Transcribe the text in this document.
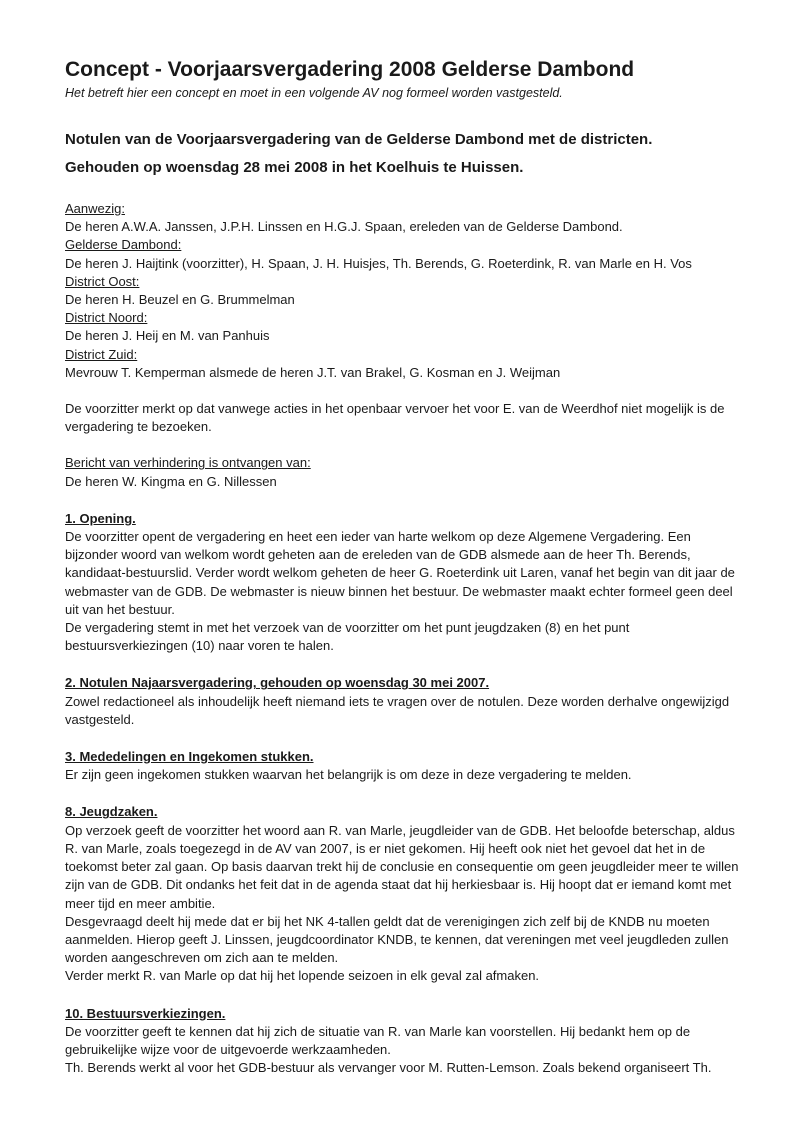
Concept - Voorjaarsvergadering 2008 Gelderse Dambond

Het betreft hier een concept en moet in een volgende AV nog formeel worden vastgesteld.

Notulen van de Voorjaarsvergadering van de Gelderse Dambond met de districten.
Gehouden op woensdag 28 mei 2008 in het Koelhuis te Huissen.

Aanwezig:
De heren A.W.A. Janssen, J.P.H. Linssen en H.G.J. Spaan, ereleden van de Gelderse Dambond.
Gelderse Dambond:
De heren J. Haijtink (voorzitter), H. Spaan, J. H. Huisjes, Th. Berends, G. Roeterdink, R. van Marle en H. Vos
District Oost:
De heren H. Beuzel en G. Brummelman
District Noord:
De heren J. Heij en M. van Panhuis
District Zuid:
Mevrouw T. Kemperman alsmede de heren J.T. van Brakel, G. Kosman en J. Weijman

De voorzitter merkt op dat vanwege acties in het openbaar vervoer het voor E. van de Weerdhof niet mogelijk is de vergadering te bezoeken.

Bericht van verhindering is ontvangen van:
De heren W. Kingma en G. Nillessen
1. Opening.

De voorzitter opent de vergadering en heet een ieder van harte welkom op deze Algemene Vergadering. Een bijzonder woord van welkom wordt geheten aan de ereleden van de GDB alsmede aan de heer Th. Berends, kandidaat-bestuurslid. Verder wordt welkom geheten de heer G. Roeterdink uit Laren, vanaf het begin van dit jaar de webmaster van de GDB. De webmaster is nieuw binnen het bestuur. De webmaster maakt echter formeel geen deel uit van het bestuur.

De vergadering stemt in met het verzoek van de voorzitter om het punt jeugdzaken (8) en het punt bestuursverkiezingen (10) naar voren te halen.

2. Notulen Najaarsvergadering, gehouden op woensdag 30 mei 2007.

Zowel redactioneel als inhoudelijk heeft niemand iets te vragen over de notulen. Deze worden derhalve ongewijzigd vastgesteld.

3. Mededelingen en Ingekomen stukken.

Er zijn geen ingekomen stukken waarvan het belangrijk is om deze in deze vergadering te melden.

8. Jeugdzaken.

Op verzoek geeft de voorzitter het woord aan R. van Marle, jeugdleider van de GDB. Het beloofde beterschap, aldus R. van Marle, zoals toegezegd in de AV van 2007, is er niet gekomen. Hij heeft ook niet het gevoel dat het in de toekomst beter zal gaan. Op basis daarvan trekt hij de conclusie en consequentie om geen jeugdleider meer te willen zijn van de GDB. Dit ondanks het feit dat in de agenda staat dat hij herkiesbaar is. Hij hoopt dat er iemand komt met meer tijd en meer ambitie.

Desgevraagd deelt hij mede dat er bij het NK 4-tallen geldt dat de verenigingen zich zelf bij de KNDB nu moeten aanmelden. Hierop geeft J. Linssen, jeugdcoordinator KNDB, te kennen, dat vereningen met veel jeugdleden zullen worden aangeschreven om zich aan te melden.

Verder merkt R. van Marle op dat hij het lopende seizoen in elk geval zal afmaken.

10. Bestuursverkiezingen.

De voorzitter geeft te kennen dat hij zich de situatie van R. van Marle kan voorstellen. Hij bedankt hem op de gebruikelijke wijze voor de uitgevoerde werkzaamheden.

Th. Berends werkt al voor het GDB-bestuur als vervanger voor M. Rutten-Lemson. Zoals bekend organiseert Th.
